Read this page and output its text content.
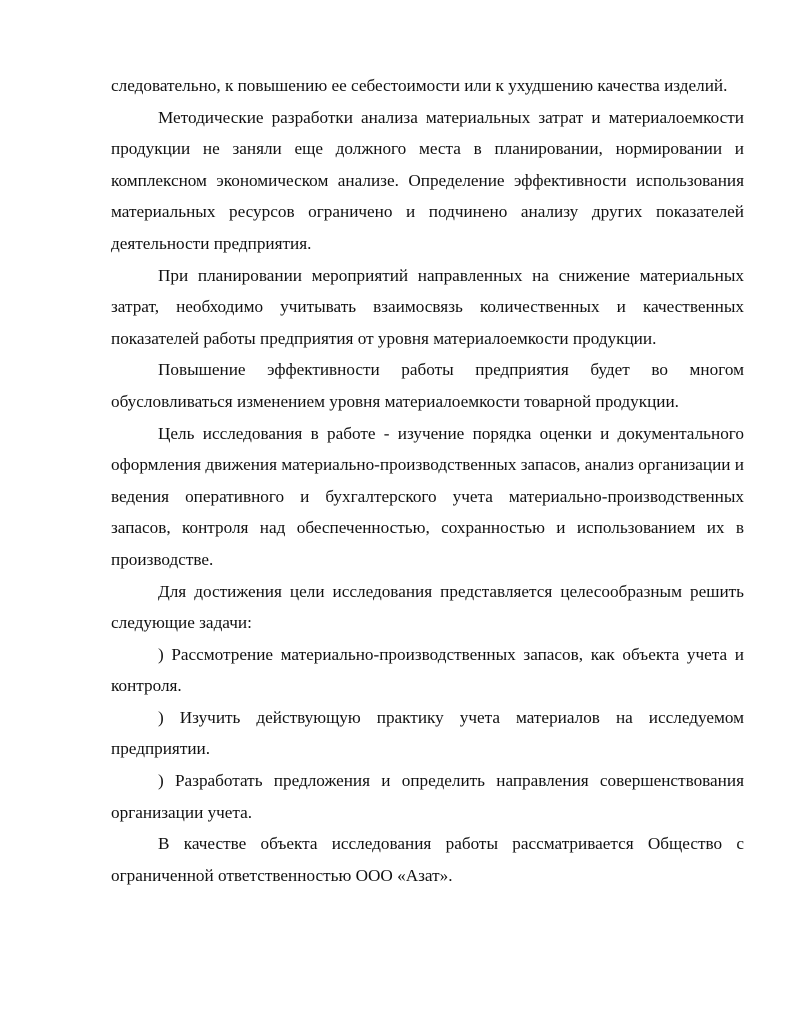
следовательно, к повышению ее себестоимости или к ухудшению качества изделий.

Методические разработки анализа материальных затрат и материалоемкости продукции не заняли еще должного места в планировании, нормировании и комплексном экономическом анализе. Определение эффективности использования материальных ресурсов ограничено и подчинено анализу других показателей деятельности предприятия.

При планировании мероприятий направленных на снижение материальных затрат, необходимо учитывать взаимосвязь количественных и качественных показателей работы предприятия от уровня материалоемкости продукции.

Повышение эффективности работы предприятия будет во многом обусловливаться изменением уровня материалоемкости товарной продукции.

Цель исследования в работе - изучение порядка оценки и документального оформления движения материально-производственных запасов, анализ организации и ведения оперативного и бухгалтерского учета материально-производственных запасов, контроля над обеспеченностью, сохранностью и использованием их в производстве.

Для достижения цели исследования представляется целесообразным решить следующие задачи:

) Рассмотрение материально-производственных запасов, как объекта учета и контроля.

) Изучить действующую практику учета материалов на исследуемом предприятии.

) Разработать предложения и определить направления совершенствования организации учета.

В качестве объекта исследования работы рассматривается Общество с ограниченной ответственностью ООО «Азат».
